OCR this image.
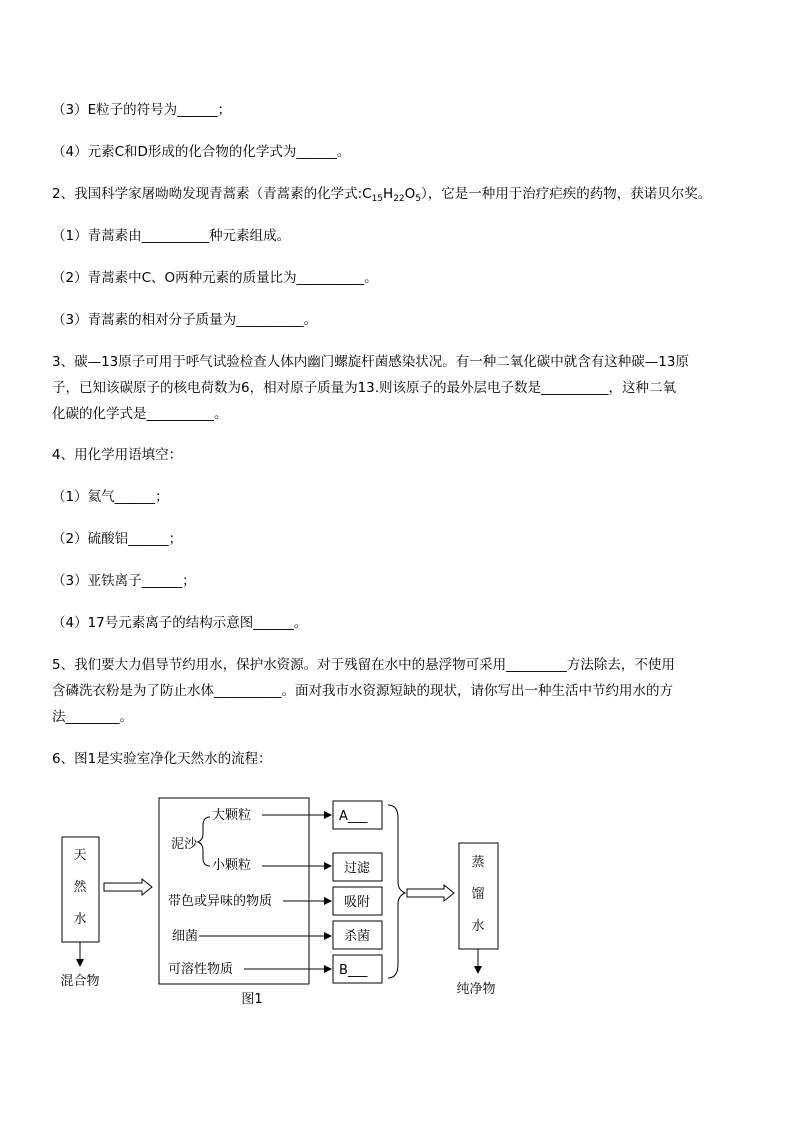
（3）E粒子的符号为______；
（4）元素C和D形成的化合物的化学式为______。
2、我国科学家屠呦呦发现青蒿素（青蒿素的化学式$:C_{15}H_{22}O_5$），它是一种用于治疗疟疾的药物，获诺贝尔奖。
（1）青蒿素由__________种元素组成。
（2）青蒿素中C、O两种元素的质量比为__________。
（3）青蒿素的相对分子质量为__________。
3、碳—13原子可用于呼气试验检查人体内幽门螺旋杆菌感染状况。有一种二氧化碳中就含有这种碳—13原
子，已知该碳原子的核电荷数为6，相对原子质量为13.则该原子的最外层电子数是__________，这种二氧
化碳的化学式是__________。
4、用化学用语填空：
（1）氦气______；
（2）硫酸铝______；
（3）亚铁离子______；
（4）17号元素离子的结构示意图______。
5、我们要大力倡导节约用水，保护水资源。对于残留在水中的悬浮物可采用_________方法除去，不使用
含磷洗衣粉是为了防止水体__________。面对我市水资源短缺的现状，请你写出一种生活中节约用水的方
法________。
6、图1是实验室净化天然水的流程：
天
然
水
混合物
泥沙
大颗粒
小颗粒
带色或异味的物质
细菌
可溶性物质
A___
过滤
吸附
杀菌
B___
蒸
馏
水
纯净物
图1
